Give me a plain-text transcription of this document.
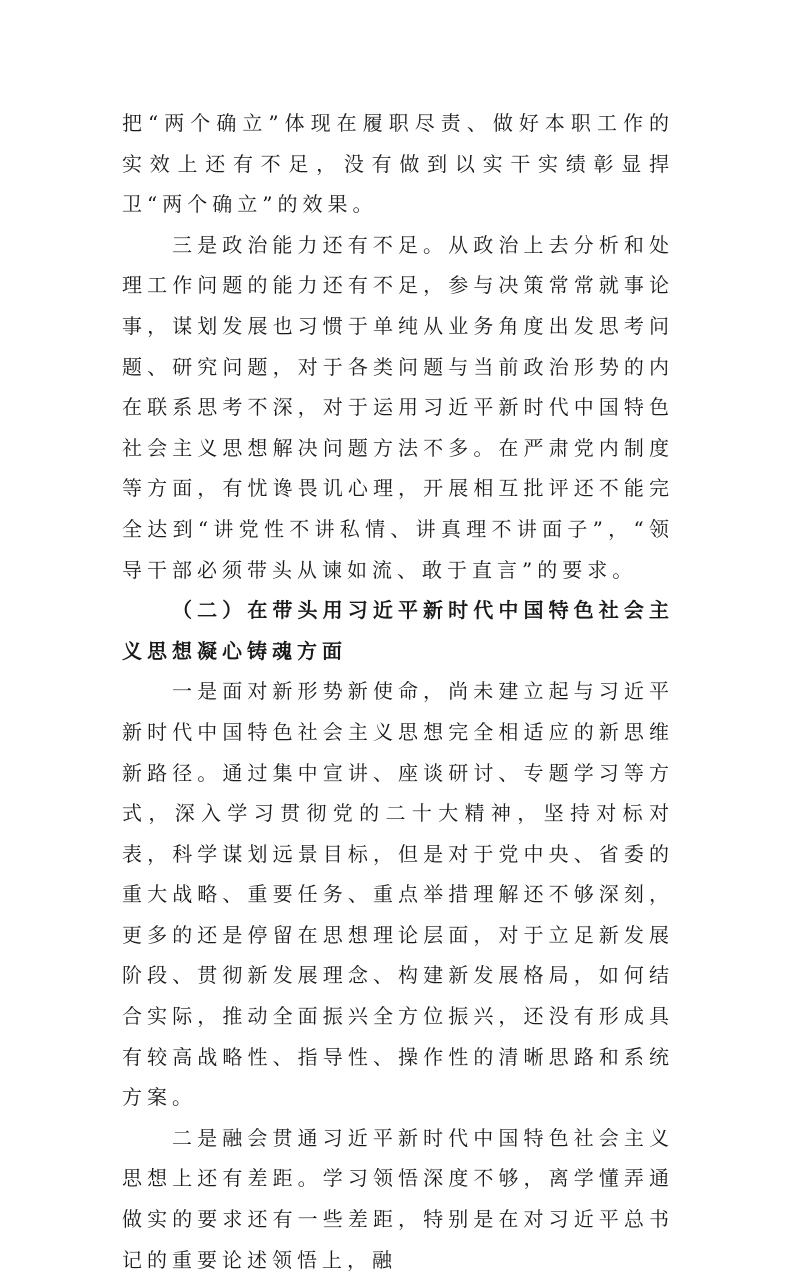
把“两个确立”体现在履职尽责、做好本职工作的实效上还有不足，没有做到以实干实绩彰显捍卫“两个确立”的效果。

三是政治能力还有不足。从政治上去分析和处理工作问题的能力还有不足，参与决策常常就事论事，谋划发展也习惯于单纯从业务角度出发思考问题、研究问题，对于各类问题与当前政治形势的内在联系思考不深，对于运用习近平新时代中国特色社会主义思想解决问题方法不多。在严肃党内制度等方面，有忧谗畏讥心理，开展相互批评还不能完全达到“讲党性不讲私情、讲真理不讲面子”，“领导干部必须带头从谏如流、敢于直言”的要求。

（二）在带头用习近平新时代中国特色社会主义思想凝心铸魂方面

一是面对新形势新使命，尚未建立起与习近平新时代中国特色社会主义思想完全相适应的新思维新路径。通过集中宣讲、座谈研讨、专题学习等方式，深入学习贯彻党的二十大精神，坚持对标对表，科学谋划远景目标，但是对于党中央、省委的重大战略、重要任务、重点举措理解还不够深刻，更多的还是停留在思想理论层面，对于立足新发展阶段、贯彻新发展理念、构建新发展格局，如何结合实际，推动全面振兴全方位振兴，还没有形成具有较高战略性、指导性、操作性的清晰思路和系统方案。

二是融会贯通习近平新时代中国特色社会主义思想上还有差距。学习领悟深度不够，离学懂弄通做实的要求还有一些差距，特别是在对习近平总书记的重要论述领悟上，融
